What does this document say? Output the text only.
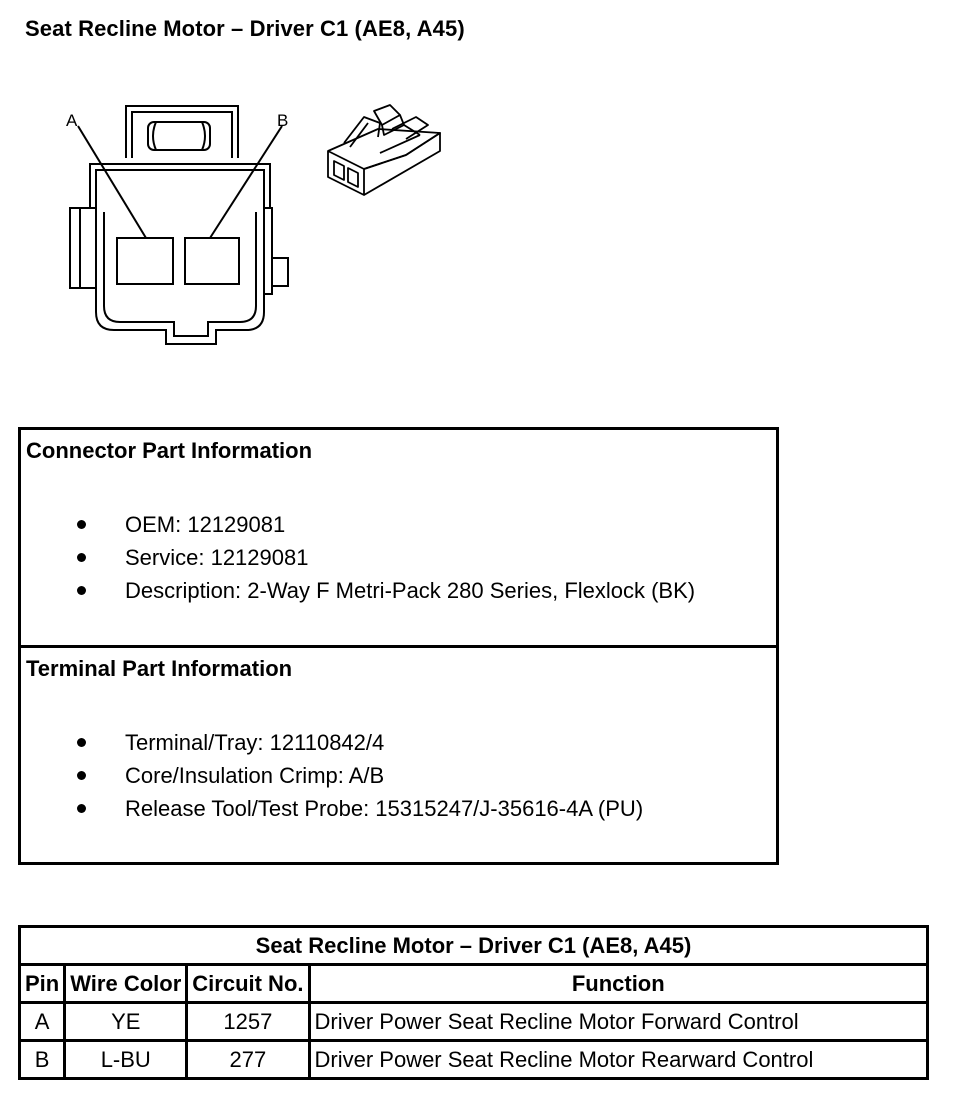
Seat Recline Motor – Driver C1 (AE8, A45)
A	B
Connector Part Information
OEM: 12129081
Service: 12129081
Description: 2-Way F Metri-Pack 280 Series, Flexlock (BK)
Terminal Part Information
Terminal/Tray: 12110842/4
Core/Insulation Crimp: A/B
Release Tool/Test Probe: 15315247/J-35616-4A (PU)
Seat Recline Motor – Driver C1 (AE8, A45)			
Pin	Wire Color	Circuit No.	Function
A	YE	1257	Driver Power Seat Recline Motor Forward Control
B	L-BU	277	Driver Power Seat Recline Motor Rearward Control
